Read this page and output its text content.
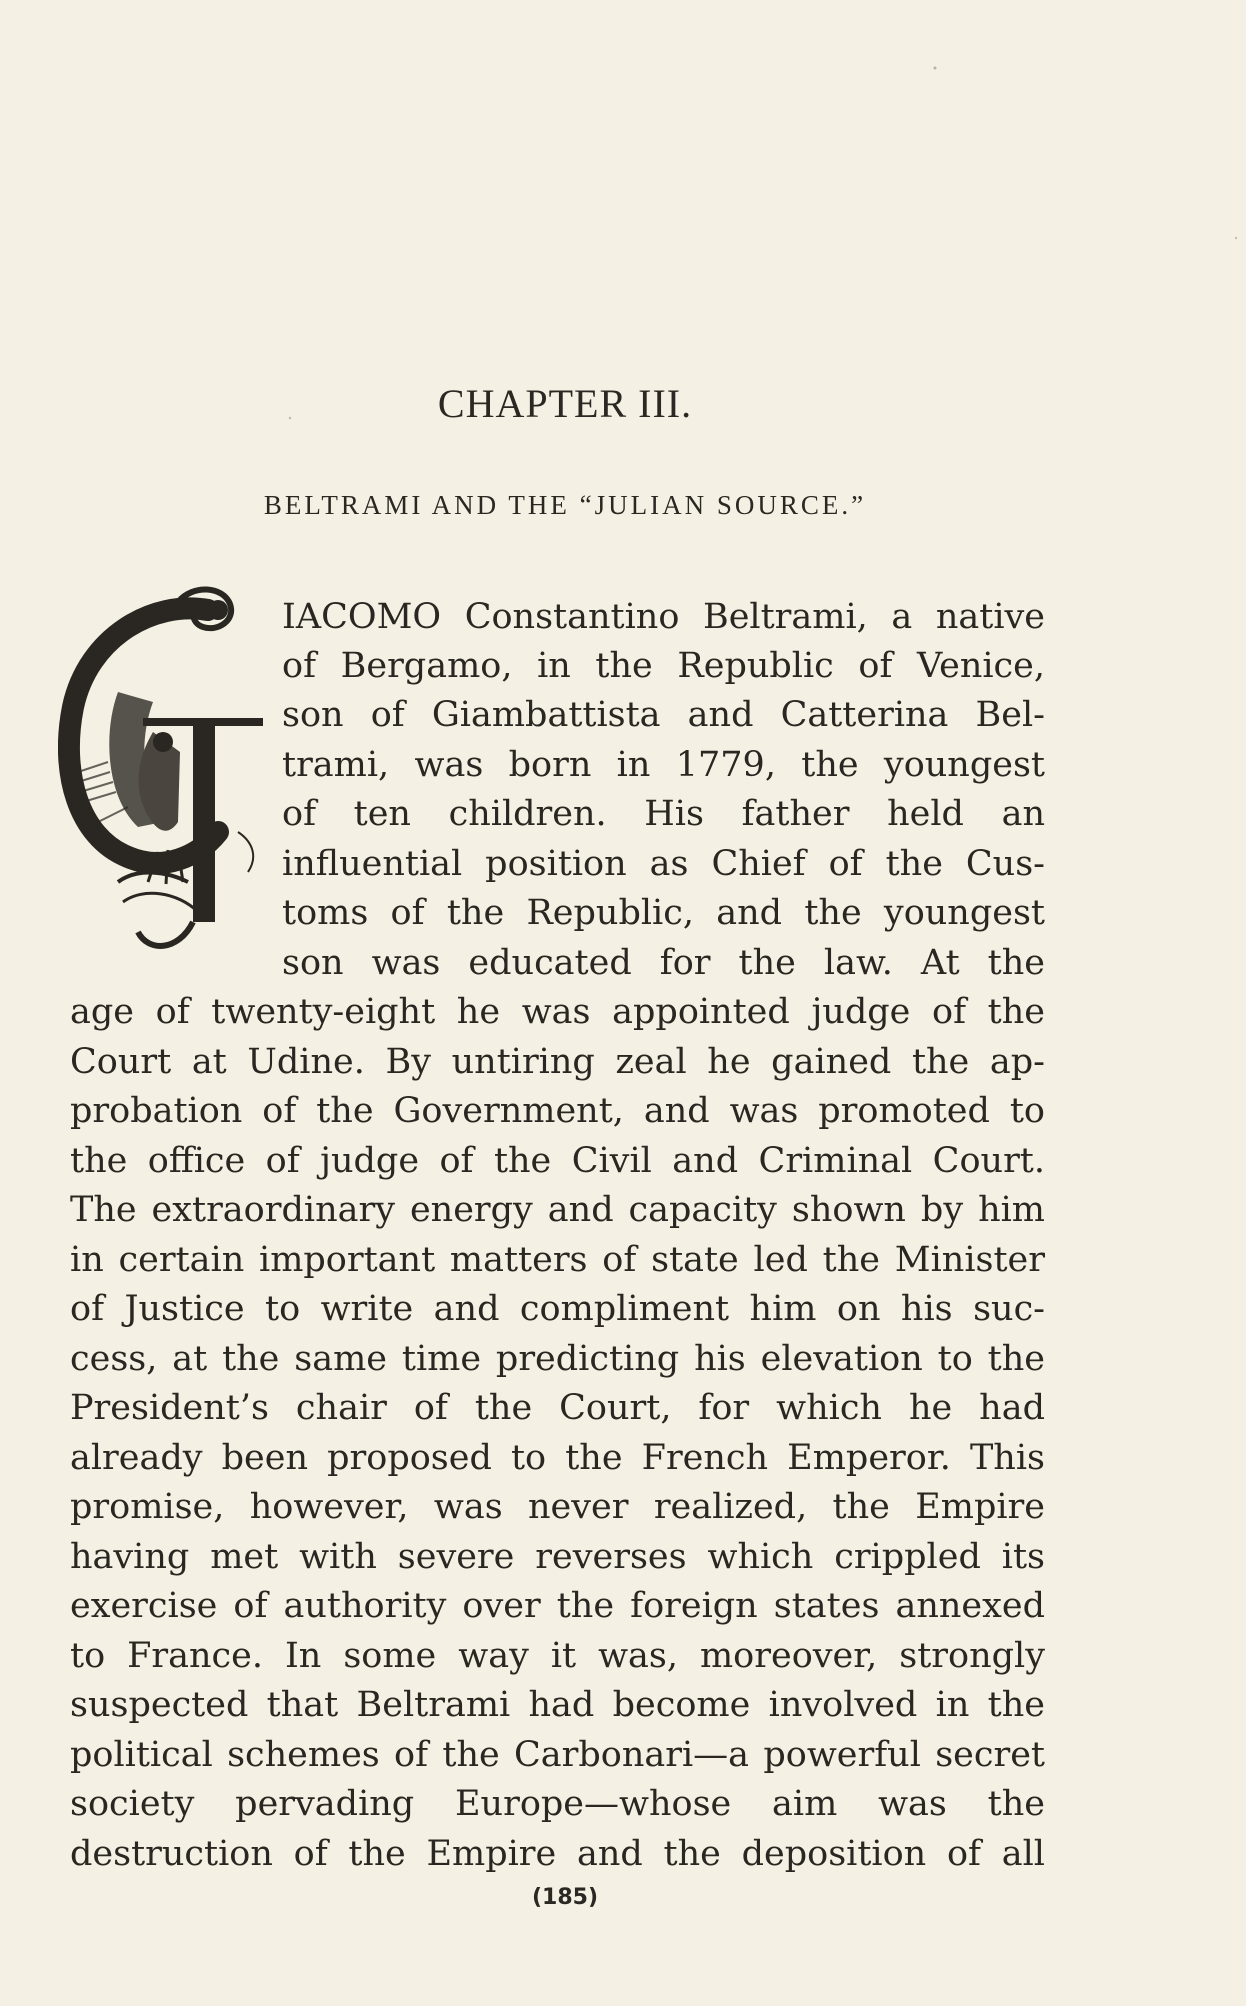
CHAPTER III.
BELTRAMI AND THE “JULIAN SOURCE.”
IACOMO Constantino Beltrami, a native
of Bergamo, in the Republic of Venice,
son of Giambattista and Catterina Bel-
trami, was born in 1779, the youngest
of ten children. His father held an
influential position as Chief of the Cus-
toms of the Republic, and the youngest
son was educated for the law. At the
age of twenty-eight he was appointed judge of the
Court at Udine. By untiring zeal he gained the ap-
probation of the Government, and was promoted to
the office of judge of the Civil and Criminal Court.
The extraordinary energy and capacity shown by him
in certain important matters of state led the Minister
of Justice to write and compliment him on his suc-
cess, at the same time predicting his elevation to the
President’s chair of the Court, for which he had
already been proposed to the French Emperor. This
promise, however, was never realized, the Empire
having met with severe reverses which crippled its
exercise of authority over the foreign states annexed
to France. In some way it was, moreover, strongly
suspected that Beltrami had become involved in the
political schemes of the Carbonari—a powerful secret
society pervading Europe—whose aim was the
destruction of the Empire and the deposition of all
(185)
